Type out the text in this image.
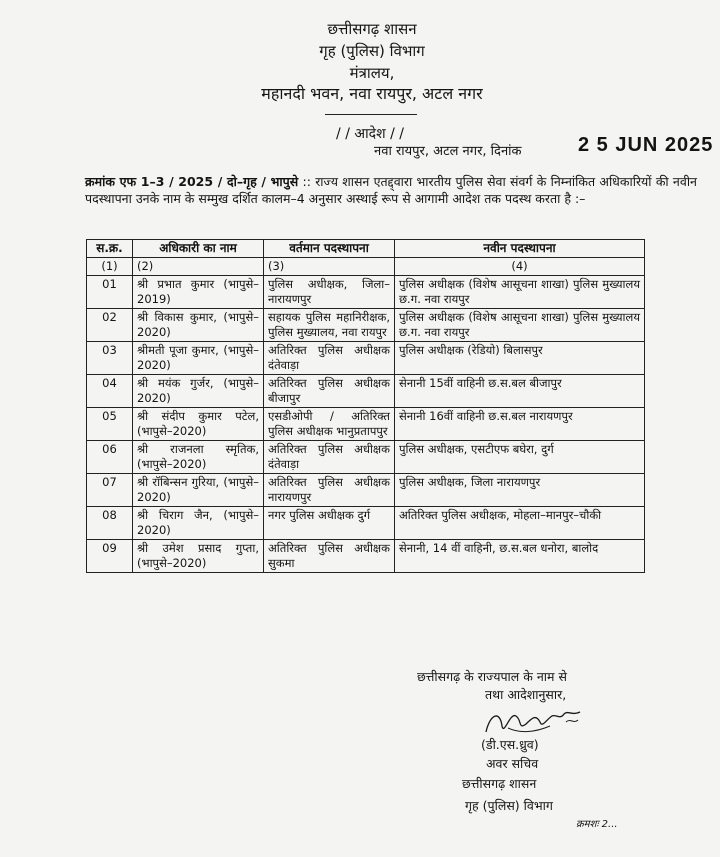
छत्तीसगढ़ शासन
गृह (पुलिस) विभाग
मंत्रालय,
महानदी भवन, नवा रायपुर, अटल नगर
/ / आदेश / /
नवा रायपुर, अटल नगर, दिनांक	2 5 JUN 2025
क्रमांक एफ 1–3 / 2025 / दो–गृह / भापुसे :: राज्य शासन एतद्द्वारा भारतीय पुलिस सेवा संवर्ग के निम्नांकित अधिकारियों की नवीन पदस्थापना उनके नाम के सम्मुख दर्शित कालम–4 अनुसार अस्थाई रूप से आगामी आदेश तक पदस्थ करता है :–
स.क्र.	अधिकारी का नाम	वर्तमान पदस्थापना	नवीन पदस्थापना
(1)	(2)	(3)	(4)
01	श्री प्रभात कुमार (भापुसे–2019)	पुलिस अधीक्षक, जिला–नारायणपुर	पुलिस अधीक्षक (विशेष आसूचना शाखा) पुलिस मुख्यालय छ.ग. नवा रायपुर
02	श्री विकास कुमार, (भापुसे– 2020)	सहायक पुलिस महानिरीक्षक, पुलिस मुख्यालय, नवा रायपुर	पुलिस अधीक्षक (विशेष आसूचना शाखा) पुलिस मुख्यालय छ.ग. नवा रायपुर
03	श्रीमती पूजा कुमार, (भापुसे–2020)	अतिरिक्त पुलिस अधीक्षक दंतेवाड़ा	पुलिस अधीक्षक (रेडियो) बिलासपुर
04	श्री मयंक गुर्जर, (भापुसे– 2020)	अतिरिक्त पुलिस अधीक्षक बीजापुर	सेनानी 15वीं वाहिनी छ.स.बल बीजापुर
05	श्री संदीप कुमार पटेल, (भापुसे–2020)	एसडीओपी / अतिरिक्त पुलिस अधीक्षक भानुप्रतापपुर	सेनानी 16वीं वाहिनी छ.स.बल नारायणपुर
06	श्री राजनला स्मृतिक, (भापुसे–2020)	अतिरिक्त पुलिस अधीक्षक दंतेवाड़ा	पुलिस अधीक्षक, एसटीएफ बघेरा, दुर्ग
07	श्री रॉबिन्सन गुरिया, (भापुसे–2020)	अतिरिक्त पुलिस अधीक्षक नारायणपुर	पुलिस अधीक्षक, जिला नारायणपुर
08	श्री चिराग जैन, (भापुसे– 2020)	नगर पुलिस अधीक्षक दुर्ग	अतिरिक्त पुलिस अधीक्षक, मोहला–मानपुर–चौकी
09	श्री उमेश प्रसाद गुप्ता, (भापुसे–2020)	अतिरिक्त पुलिस अधीक्षक सुकमा	सेनानी, 14 वीं वाहिनी, छ.स.बल धनोरा, बालोद
छत्तीसगढ़ के राज्यपाल के नाम से
तथा आदेशानुसार,
(डी.एस.ध्रुव)
अवर सचिव
छत्तीसगढ़ शासन
गृह (पुलिस) विभाग
क्रमशः 2...
